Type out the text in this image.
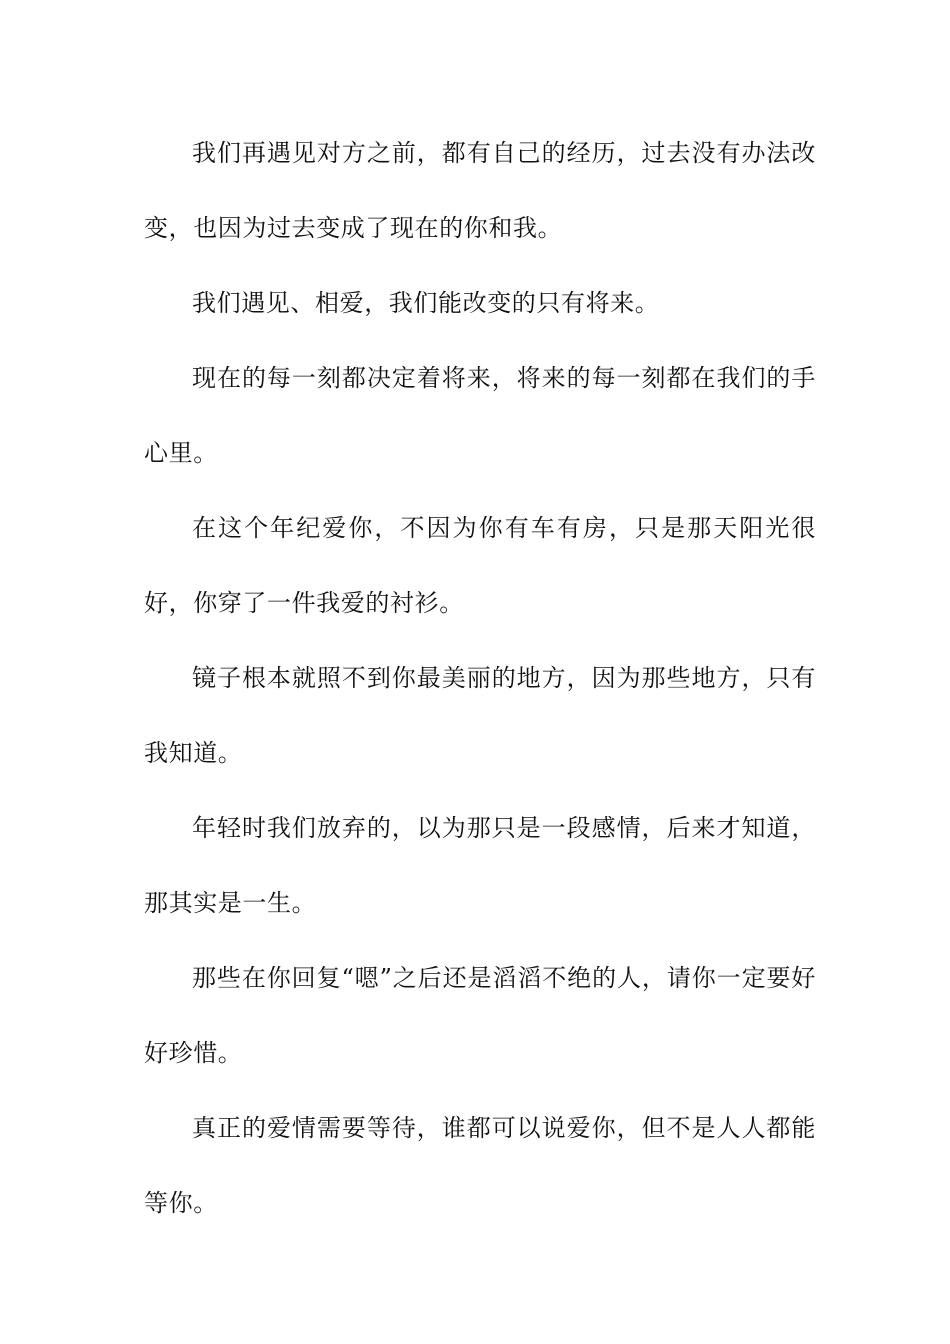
我们再遇见对方之前，都有自己的经历，过去没有办法改变，也因为过去变成了现在的你和我。

我们遇见、相爱，我们能改变的只有将来。

现在的每一刻都决定着将来，将来的每一刻都在我们的手心里。

在这个年纪爱你，不因为你有车有房，只是那天阳光很好，你穿了一件我爱的衬衫。

镜子根本就照不到你最美丽的地方，因为那些地方，只有我知道。

年轻时我们放弃的，以为那只是一段感情，后来才知道，那其实是一生。

那些在你回复“嗯”之后还是滔滔不绝的人，请你一定要好好珍惜。

真正的爱情需要等待，谁都可以说爱你，但不是人人都能等你。
